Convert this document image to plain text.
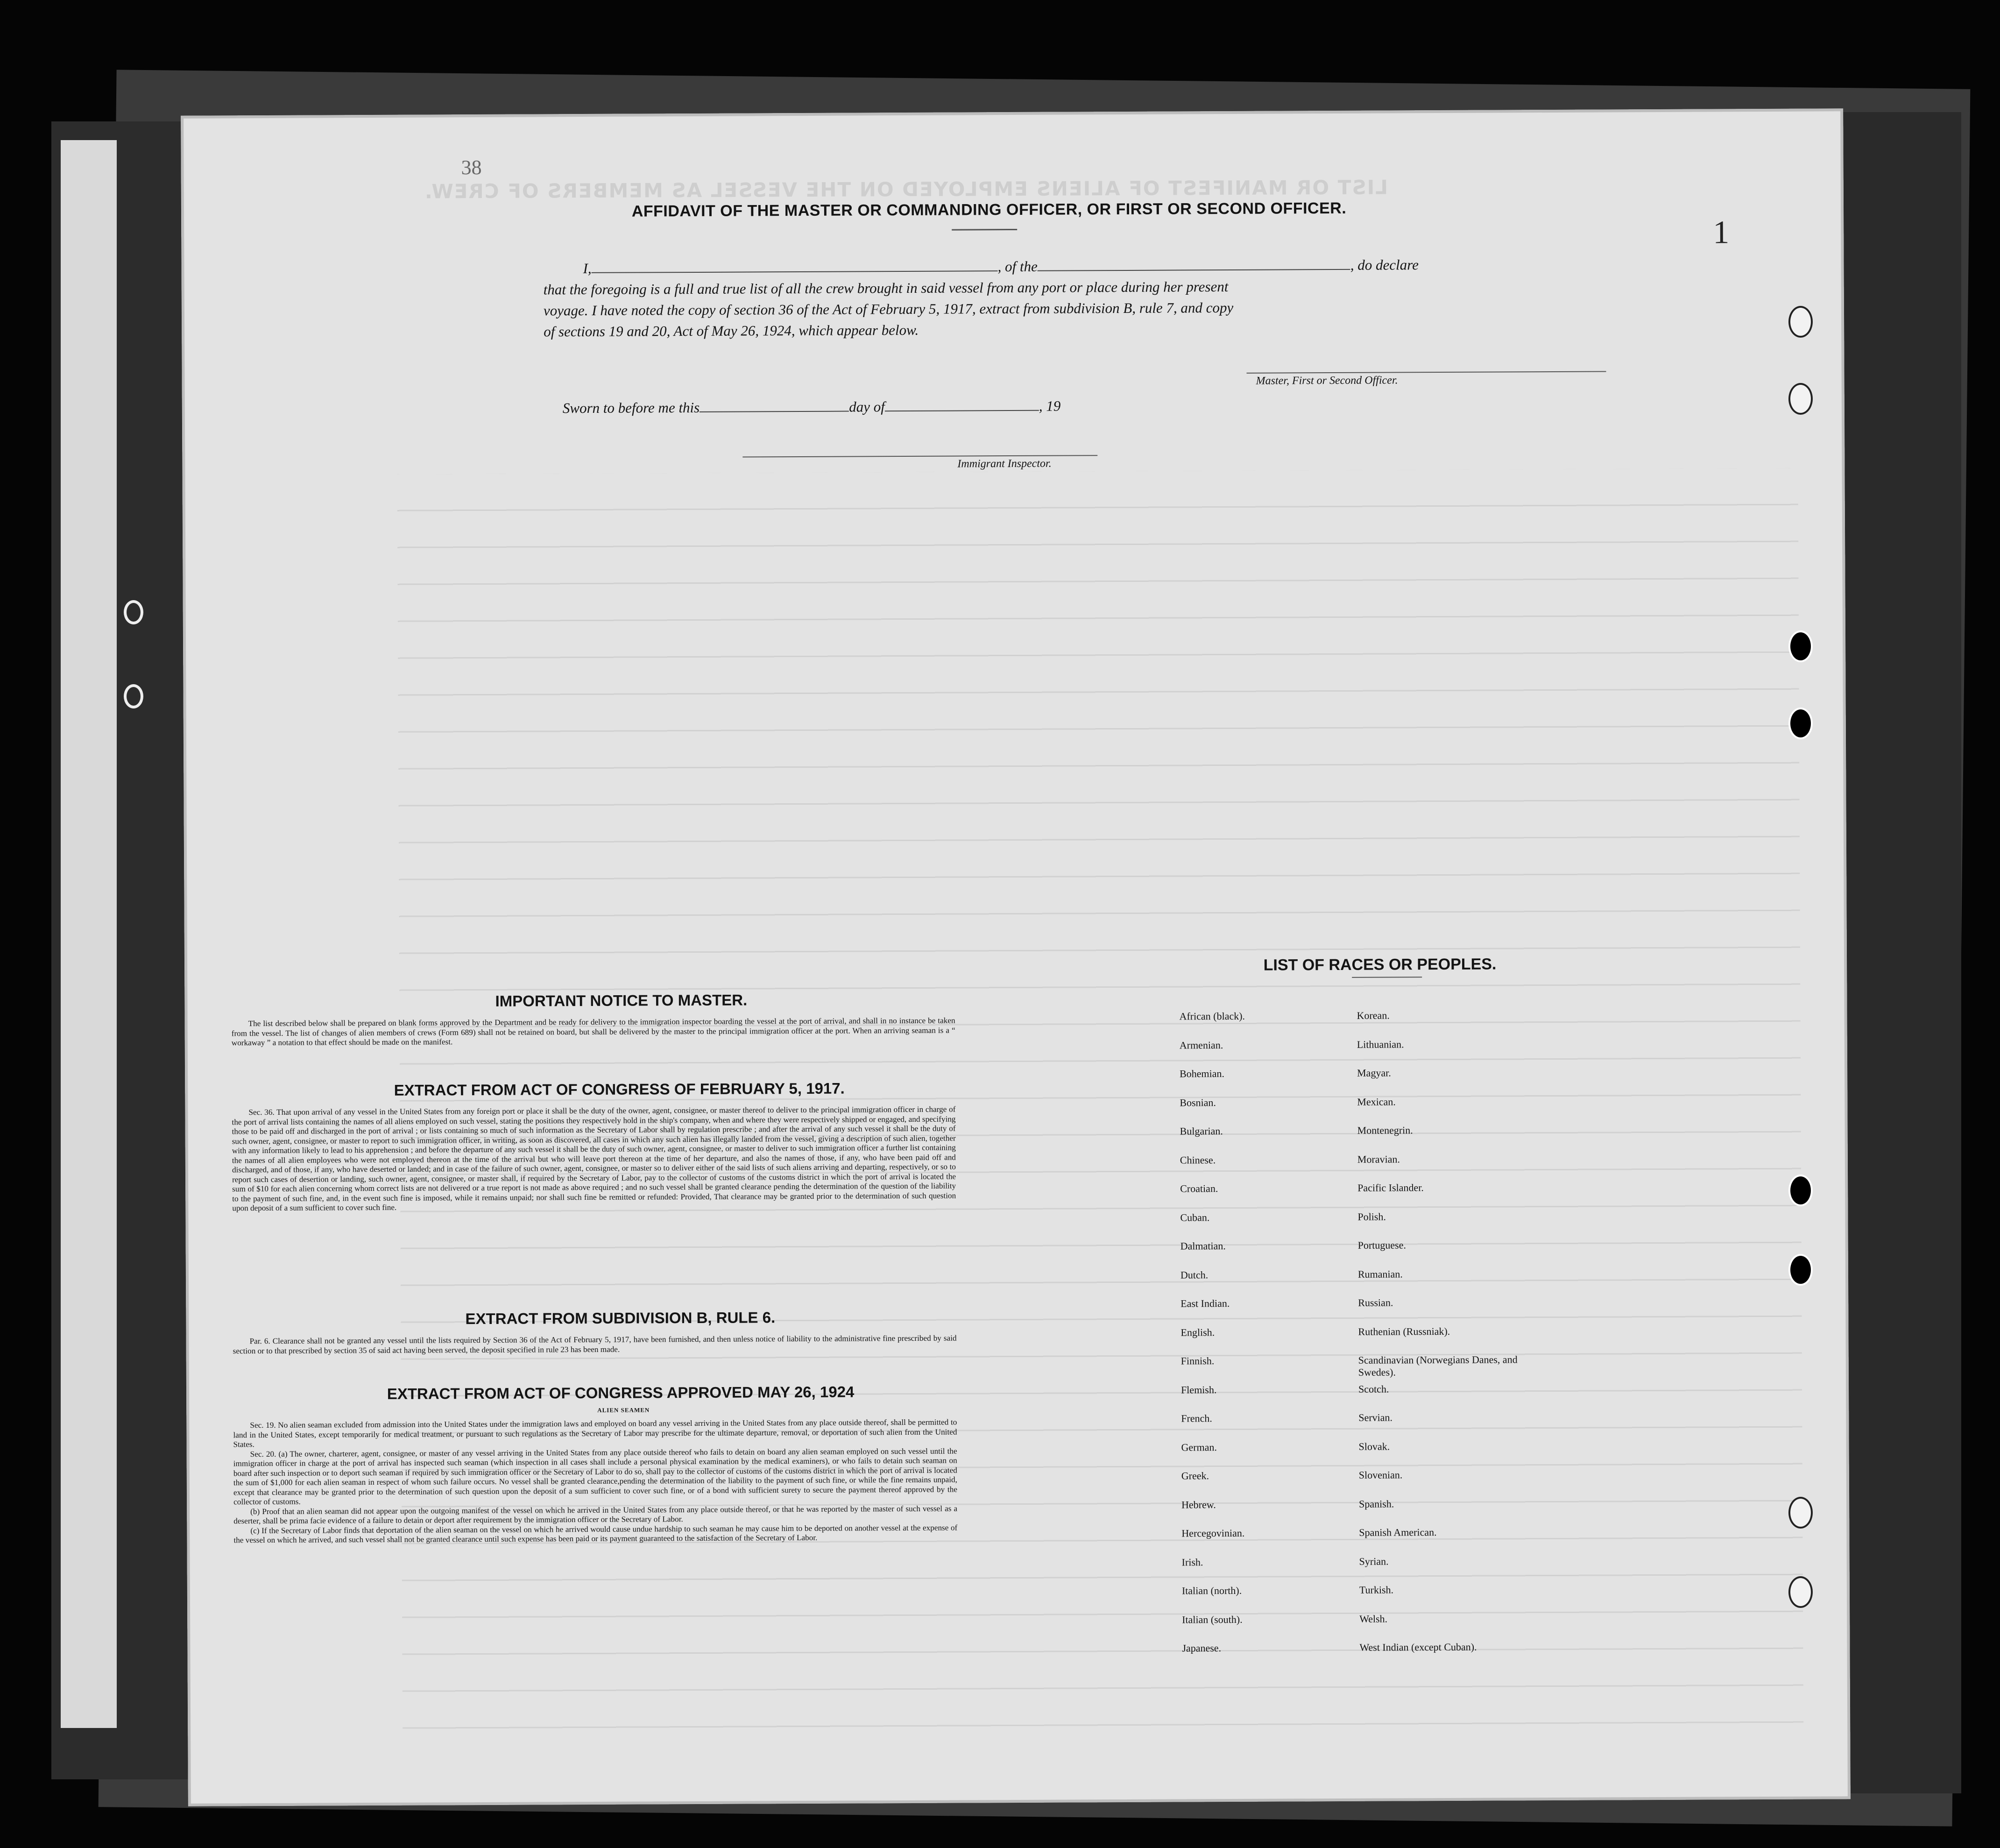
LIST OR MANIFEST OF ALIENS EMPLOYED ON THE VESSEL AS MEMBERS OF CREW.
38
1
AFFIDAVIT OF THE MASTER OR COMMANDING OFFICER, OR FIRST OR SECOND OFFICER.
I,	, of the	, do declare
that the foregoing is a full and true list of all the crew brought in said vessel from any port or place during her present
voyage. I have noted the copy of section 36 of the Act of February 5, 1917, extract from subdivision B, rule 7, and copy
of sections 19 and 20, Act of May 26, 1924, which appear below.
Master, First or Second Officer.
Sworn to before me this	day of	, 19
Immigrant Inspector.
IMPORTANT NOTICE TO MASTER.

The list described below shall be prepared on blank forms approved by the Department and be ready for delivery to the immigration inspector boarding the vessel at the port of arrival, and shall in no instance be taken from the vessel. The list of changes of alien members of crews (Form 689) shall not be retained on board, but shall be delivered by the master to the principal immigration officer at the port. When an arriving seaman is a “ workaway ” a notation to that effect should be made on the manifest.

EXTRACT FROM ACT OF CONGRESS OF FEBRUARY 5, 1917.

Sec. 36. That upon arrival of any vessel in the United States from any foreign port or place it shall be the duty of the owner, agent, consignee, or master thereof to deliver to the principal immigration officer in charge of the port of arrival lists containing the names of all aliens employed on such vessel, stating the positions they respectively hold in the ship's company, when and where they were respectively shipped or engaged, and specifying those to be paid off and discharged in the port of arrival ; or lists containing so much of such information as the Secretary of Labor shall by regulation prescribe ; and after the arrival of any such vessel it shall be the duty of such owner, agent, consignee, or master to report to such immigration officer, in writing, as soon as discovered, all cases in which any such alien has illegally landed from the vessel, giving a description of such alien, together with any information likely to lead to his apprehension ; and before the departure of any such vessel it shall be the duty of such owner, agent, consignee, or master to deliver to such immigration officer a further list containing the names of all alien employees who were not employed thereon at the time of the arrival but who will leave port thereon at the time of her departure, and also the names of those, if any, who have been paid off and discharged, and of those, if any, who have deserted or landed; and in case of the failure of such owner, agent, consignee, or master so to deliver either of the said lists of such aliens arriving and departing, respectively, or so to report such cases of desertion or landing, such owner, agent, consignee, or master shall, if required by the Secretary of Labor, pay to the collector of customs of the customs district in which the port of arrival is located the sum of $10 for each alien concerning whom correct lists are not delivered or a true report is not made as above required ; and no such vessel shall be granted clearance pending the determination of the question of the liability to the payment of such fine, and, in the event such fine is imposed, while it remains unpaid; nor shall such fine be remitted or refunded: Provided, That clearance may be granted prior to the determination of such question upon deposit of a sum sufficient to cover such fine.

EXTRACT FROM SUBDIVISION B, RULE 6.

Par. 6. Clearance shall not be granted any vessel until the lists required by Section 36 of the Act of February 5, 1917, have been furnished, and then unless notice of liability to the administrative fine prescribed by said section or to that prescribed by section 35 of said act having been served, the deposit specified in rule 23 has been made.

EXTRACT FROM ACT OF CONGRESS APPROVED MAY 26, 1924
ALIEN SEAMEN

Sec. 19. No alien seaman excluded from admission into the United States under the immigration laws and employed on board any vessel arriving in the United States from any place outside thereof, shall be permitted to land in the United States, except temporarily for medical treatment, or pursuant to such regulations as the Secretary of Labor may prescribe for the ultimate departure, removal, or deportation of such alien from the United States.

Sec. 20. (a) The owner, charterer, agent, consignee, or master of any vessel arriving in the United States from any place outside thereof who fails to detain on board any alien seaman employed on such vessel until the immigration officer in charge at the port of arrival has inspected such seaman (which inspection in all cases shall include a personal physical examination by the medical examiners), or who fails to detain such seaman on board after such inspection or to deport such seaman if required by such immigration officer or the Secretary of Labor to do so, shall pay to the collector of customs of the customs district in which the port of arrival is located the sum of $1,000 for each alien seaman in respect of whom such failure occurs. No vessel shall be granted clearance,pending the determination of the liability to the payment of such fine, or while the fine remains unpaid, except that clearance may be granted prior to the determination of such question upon the deposit of a sum sufficient to cover such fine, or of a bond with sufficient surety to secure the payment thereof approved by the collector of customs.

(b) Proof that an alien seaman did not appear upon the outgoing manifest of the vessel on which he arrived in the United States from any place outside thereof, or that he was reported by the master of such vessel as a deserter, shall be prima facie evidence of a failure to detain or deport after requirement by the immigration officer or the Secretary of Labor.

(c) If the Secretary of Labor finds that deportation of the alien seaman on the vessel on which he arrived would cause undue hardship to such seaman he may cause him to be deported on another vessel at the expense of the vessel on which he arrived, and such vessel shall not be granted clearance until such expense has been paid or its payment guaranteed to the satisfaction of the Secretary of Labor.

LIST OF RACES OR PEOPLES.
African (black).
Armenian.
Bohemian.
Bosnian.
Bulgarian.
Chinese.
Croatian.
Cuban.
Dalmatian.
Dutch.
East Indian.
English.
Finnish.
Flemish.
French.
German.
Greek.
Hebrew.
Hercegovinian.
Irish.
Italian (north).
Italian (south).
Japanese.
Korean.
Lithuanian.
Magyar.
Mexican.
Montenegrin.
Moravian.
Pacific Islander.
Polish.
Portuguese.
Rumanian.
Russian.
Ruthenian (Russniak).
Scandinavian (Norwegians Danes, and Swedes).
Scotch.
Servian.
Slovak.
Slovenian.
Spanish.
Spanish American.
Syrian.
Turkish.
Welsh.
West Indian (except Cuban).
